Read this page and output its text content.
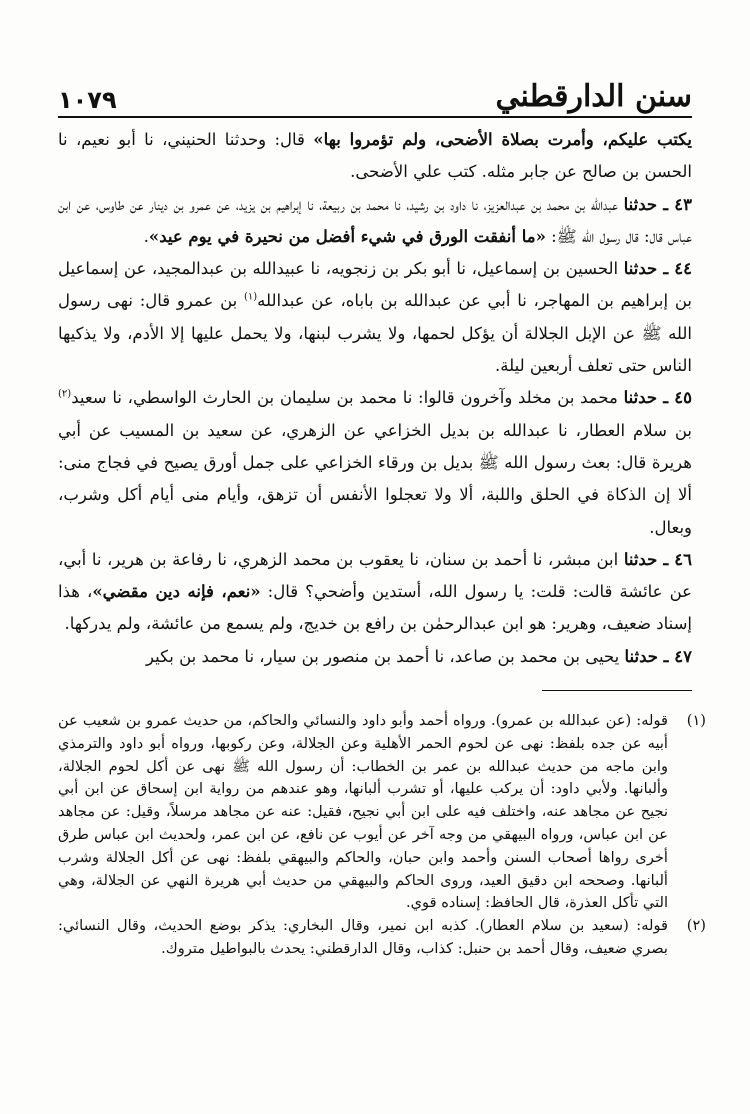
سنن الدارقطني
١٠٧٩

يكتب عليكم، وأمرت بصلاة الأضحى، ولم تؤمروا بها» قال: وحدثنا الحنيني، نا أبو نعيم، نا الحسن بن صالح عن جابر مثله. كتب علي الأضحى.

٤٣ ـ حدثنا عبدالله بن محمد بن عبدالعزيز، نا داود بن رشيد، نا محمد بن ربيعة، نا إبراهيم بن يزيد، عن عمرو بن دينار عن طاوس، عن ابن عباس قال: قال رسول الله ﷺ: «ما أنفقت الورق في شيء أفضل من نحيرة في يوم عيد».

٤٤ ـ حدثنا الحسين بن إسماعيل، نا أبو بكر بن زنجويه، نا عبيدالله بن عبدالمجيد، عن إسماعيل بن إبراهيم بن المهاجر، نا أبي عن عبدالله بن باباه، عن عبدالله$^{(١)}$ بن عمرو قال: نهى رسول الله ﷺ عن الإبل الجلالة أن يؤكل لحمها، ولا يشرب لبنها، ولا يحمل عليها إلا الأدم، ولا يذكيها الناس حتى تعلف أربعين ليلة.

٤٥ ـ حدثنا محمد بن مخلد وآخرون قالوا: نا محمد بن سليمان بن الحارث الواسطي، نا سعيد$^{(٢)}$ بن سلام العطار، نا عبدالله بن بديل الخزاعي عن الزهري، عن سعيد بن المسيب عن أبي هريرة قال: بعث رسول الله ﷺ بديل بن ورقاء الخزاعي على جمل أورق يصيح في فجاج منى: ألا إن الذكاة في الحلق واللبة، ألا ولا تعجلوا الأنفس أن تزهق، وأيام منى أيام أكل وشرب، وبعال.

٤٦ ـ حدثنا ابن مبشر، نا أحمد بن سنان، نا يعقوب بن محمد الزهري، نا رفاعة بن هرير، نا أبي، عن عائشة قالت: قلت: يا رسول الله، أستدين وأضحي؟ قال: «نعم، فإنه دين مقضي»، هذا إسناد ضعيف، وهرير: هو ابن عبدالرحمٰن بن رافع بن خديج، ولم يسمع من عائشة، ولم يدركها.

٤٧ ـ حدثنا يحيى بن محمد بن صاعد، نا أحمد بن منصور بن سيار، نا محمد بن بكير

(١)
قوله: (عن عبدالله بن عمرو). ورواه أحمد وأبو داود والنسائي والحاكم، من حديث عمرو بن شعيب عن أبيه عن جده بلفظ: نهى عن لحوم الحمر الأهلية وعن الجلالة، وعن ركوبها، ورواه أبو داود والترمذي وابن ماجه من حديث عبدالله بن عمر بن الخطاب: أن رسول الله ﷺ نهى عن أكل لحوم الجلالة، وألبانها. ولأبي داود: أن يركب عليها، أو تشرب ألبانها، وهو عندهم من رواية ابن إسحاق عن ابن أبي نجيح عن مجاهد عنه، واختلف فيه على ابن أبي نجيح، فقيل: عنه عن مجاهد مرسلاً، وقيل: عن مجاهد عن ابن عباس، ورواه البيهقي من وجه آخر عن أيوب عن نافع، عن ابن عمر، ولحديث ابن عباس طرق أخرى رواها أصحاب السنن وأحمد وابن حبان، والحاكم والبيهقي بلفظ: نهى عن أكل الجلالة وشرب ألبانها. وصححه ابن دقيق العيد، وروى الحاكم والبيهقي من حديث أبي هريرة النهي عن الجلالة، وهي التي تأكل العذرة، قال الحافظ: إسناده قوي.
(٢)
قوله: (سعيد بن سلام العطار). كذبه ابن نمير، وقال البخاري: يذكر بوضع الحديث، وقال النسائي: بصري ضعيف، وقال أحمد بن حنبل: كذاب، وقال الدارقطني: يحدث بالبواطيل متروك.
